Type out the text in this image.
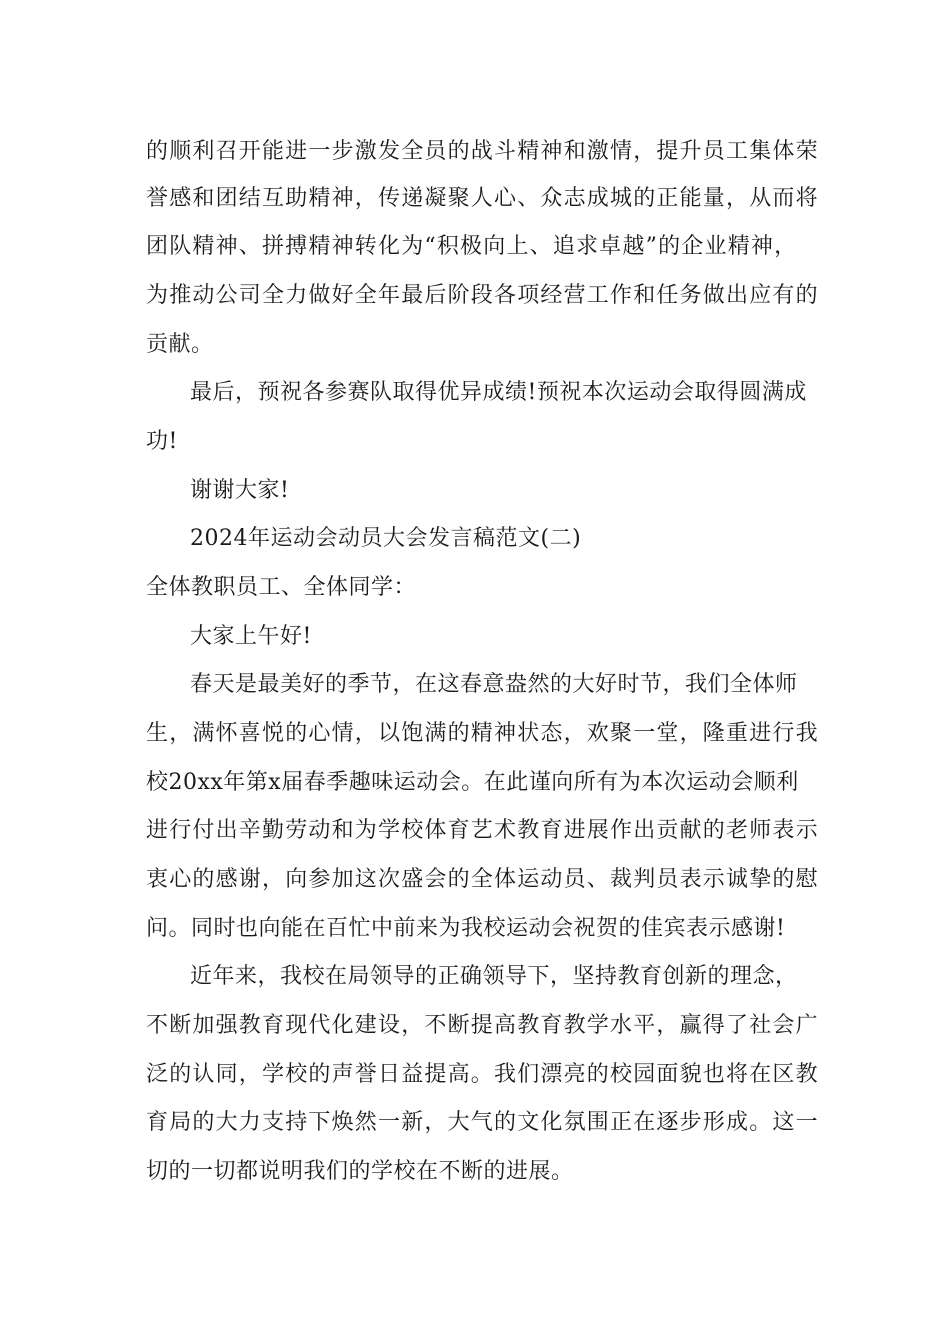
的顺利召开能进一步激发全员的战斗精神和激情，提升员工集体荣
誉感和团结互助精神，传递凝聚人心、众志成城的正能量，从而将
团队精神、拼搏精神转化为“积极向上、追求卓越”的企业精神，
为推动公司全力做好全年最后阶段各项经营工作和任务做出应有的
贡献。
最后，预祝各参赛队取得优异成绩!预祝本次运动会取得圆满成
功!
谢谢大家!
2024年运动会动员大会发言稿范文(二)
全体教职员工、全体同学：
大家上午好!
春天是最美好的季节，在这春意盎然的大好时节，我们全体师
生，满怀喜悦的心情，以饱满的精神状态，欢聚一堂，隆重进行我
校20xx年第x届春季趣味运动会。在此谨向所有为本次运动会顺利
进行付出辛勤劳动和为学校体育艺术教育进展作出贡献的老师表示
衷心的感谢，向参加这次盛会的全体运动员、裁判员表示诚挚的慰
问。同时也向能在百忙中前来为我校运动会祝贺的佳宾表示感谢!
近年来，我校在局领导的正确领导下，坚持教育创新的理念，
不断加强教育现代化建设，不断提高教育教学水平，赢得了社会广
泛的认同，学校的声誉日益提高。我们漂亮的校园面貌也将在区教
育局的大力支持下焕然一新，大气的文化氛围正在逐步形成。这一
切的一切都说明我们的学校在不断的进展。
